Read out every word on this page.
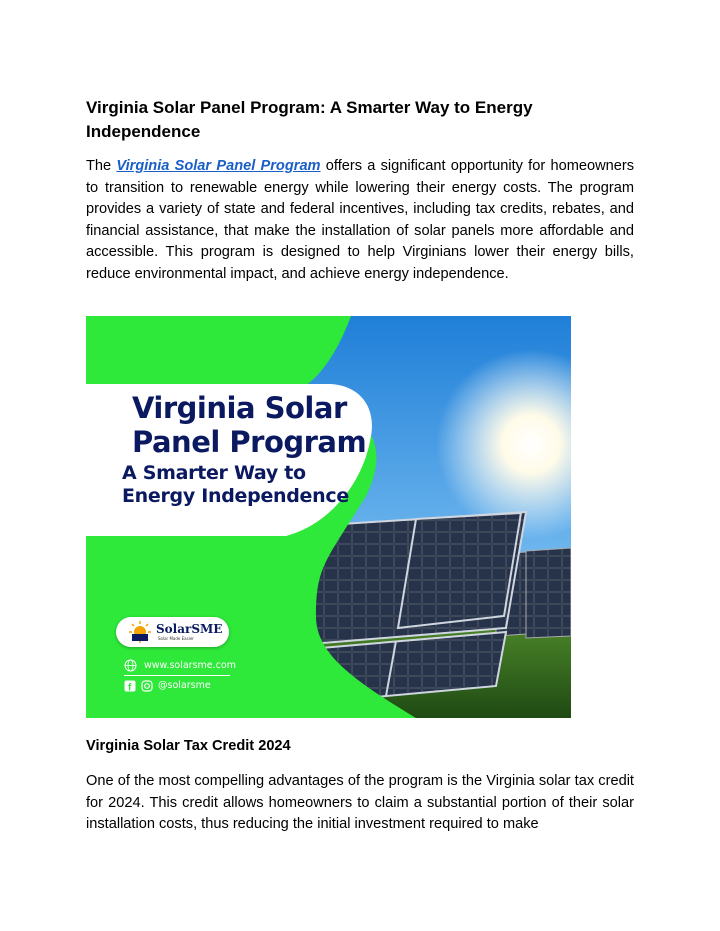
Virginia Solar Panel Program: A Smarter Way to Energy Independence

The Virginia Solar Panel Program offers a significant opportunity for homeowners to transition to renewable energy while lowering their energy costs. The program provides a variety of state and federal incentives, including tax credits, rebates, and financial assistance, that make the installation of solar panels more affordable and accessible. This program is designed to help Virginians lower their energy bills, reduce environmental impact, and achieve energy independence.

Virginia Solar

Panel Program

A Smarter Way to

Energy Independence

SolarSME
Solar Made Easier
www.solarsme.com
f	@solarsme
Virginia Solar Tax Credit 2024

One of the most compelling advantages of the program is the Virginia solar tax credit for 2024. This credit allows homeowners to claim a substantial portion of their solar installation costs, thus reducing the initial investment required to make
